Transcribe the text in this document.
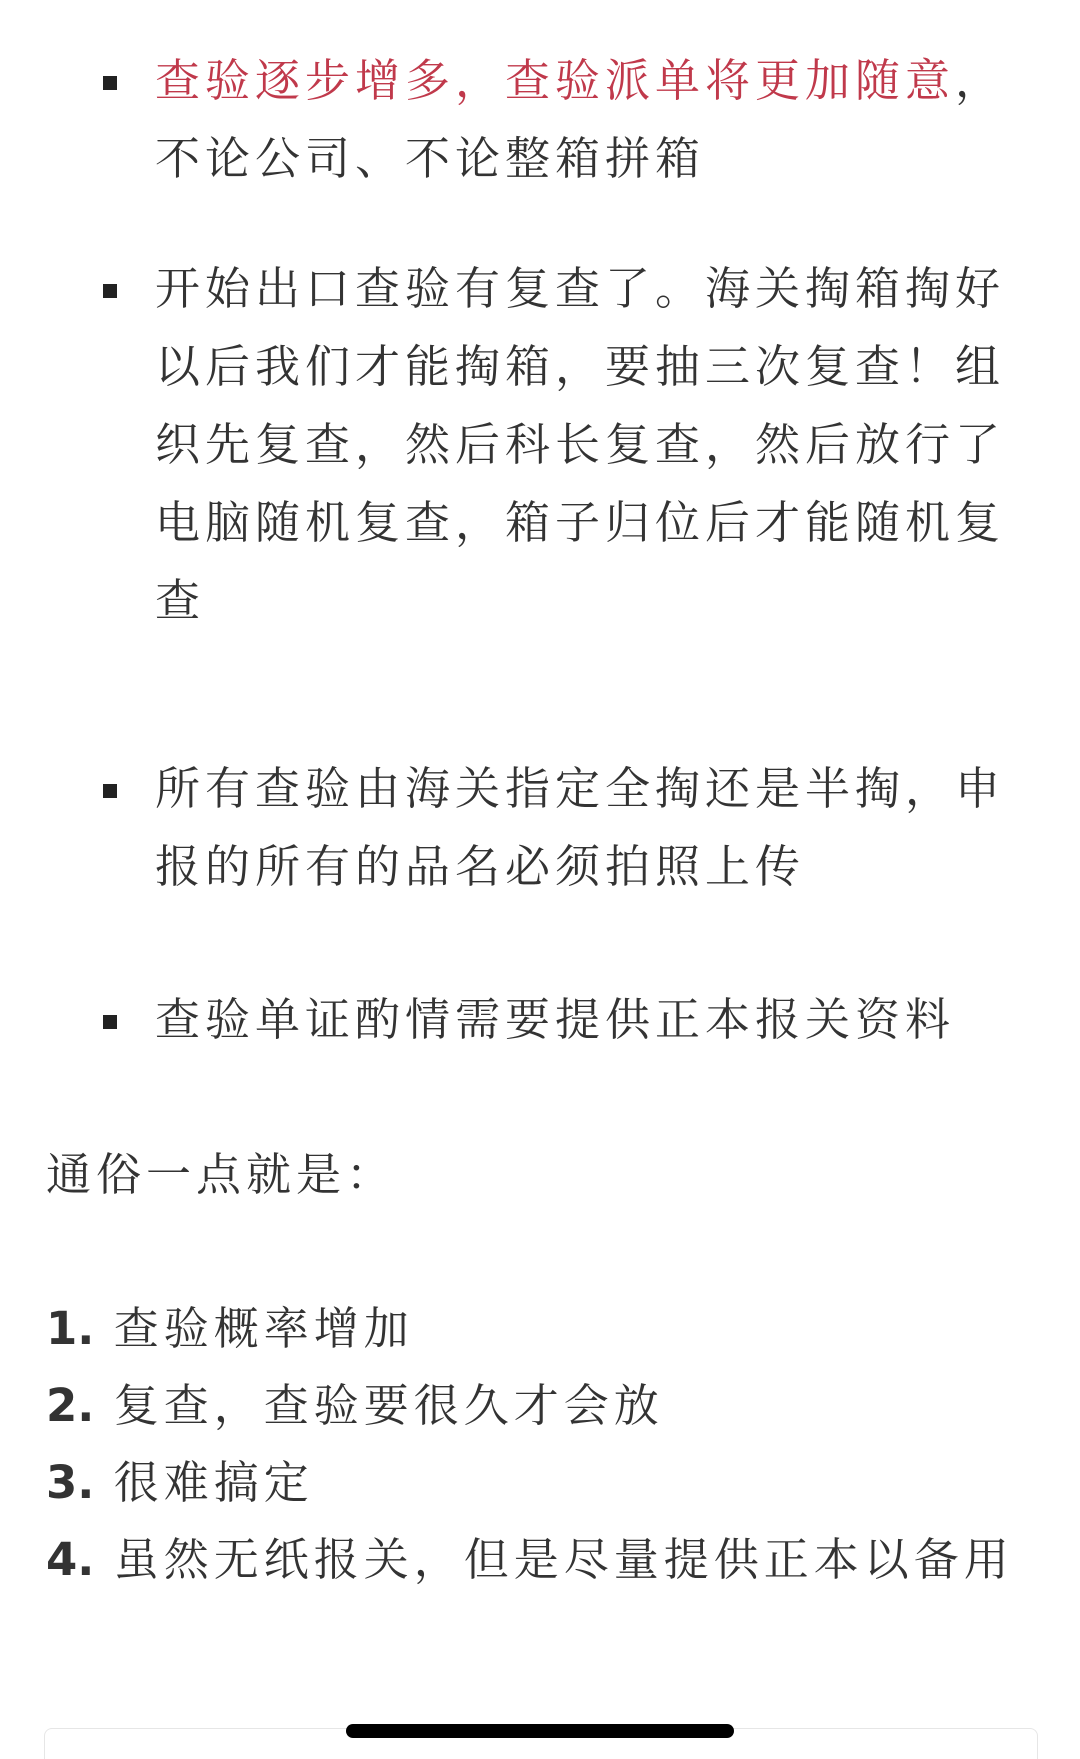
查验逐步增多，查验派单将更加随意，不论公司、不论整箱拼箱

开始出口查验有复查了。海关掏箱掏好以后我们才能掏箱，要抽三次复查！组织先复查，然后科长复查，然后放行了电脑随机复查，箱子归位后才能随机复查

所有查验由海关指定全掏还是半掏，申报的所有的品名必须拍照上传

查验单证酌情需要提供正本报关资料

通俗一点就是：

1. 查验概率增加

2. 复查，查验要很久才会放

3. 很难搞定

4. 虽然无纸报关，但是尽量提供正本以备用
